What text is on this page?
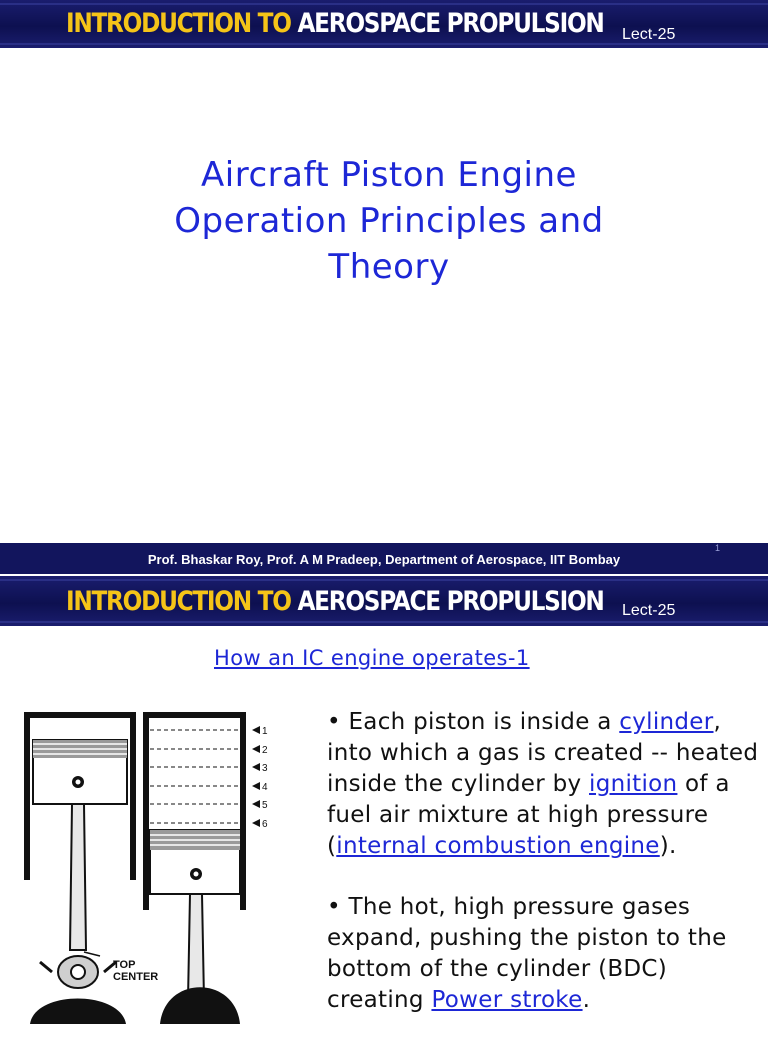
INTRODUCTION TO AEROSPACE PROPULSION Lect-25
Aircraft Piston Engine
Operation Principles and
Theory
Prof. Bhaskar Roy, Prof. A M Pradeep, Department of Aerospace, IIT Bombay
1
INTRODUCTION TO AEROSPACE PROPULSION Lect-25
How an IC engine operates-1
TOP
CENTER
1
2
3
4
5
6

• Each piston is inside a cylinder, into which a gas is created -- heated inside the cylinder by ignition of a fuel air mixture at high pressure (internal combustion engine).

• The hot, high pressure gases expand, pushing the piston to the bottom of the cylinder (BDC) creating Power stroke.
